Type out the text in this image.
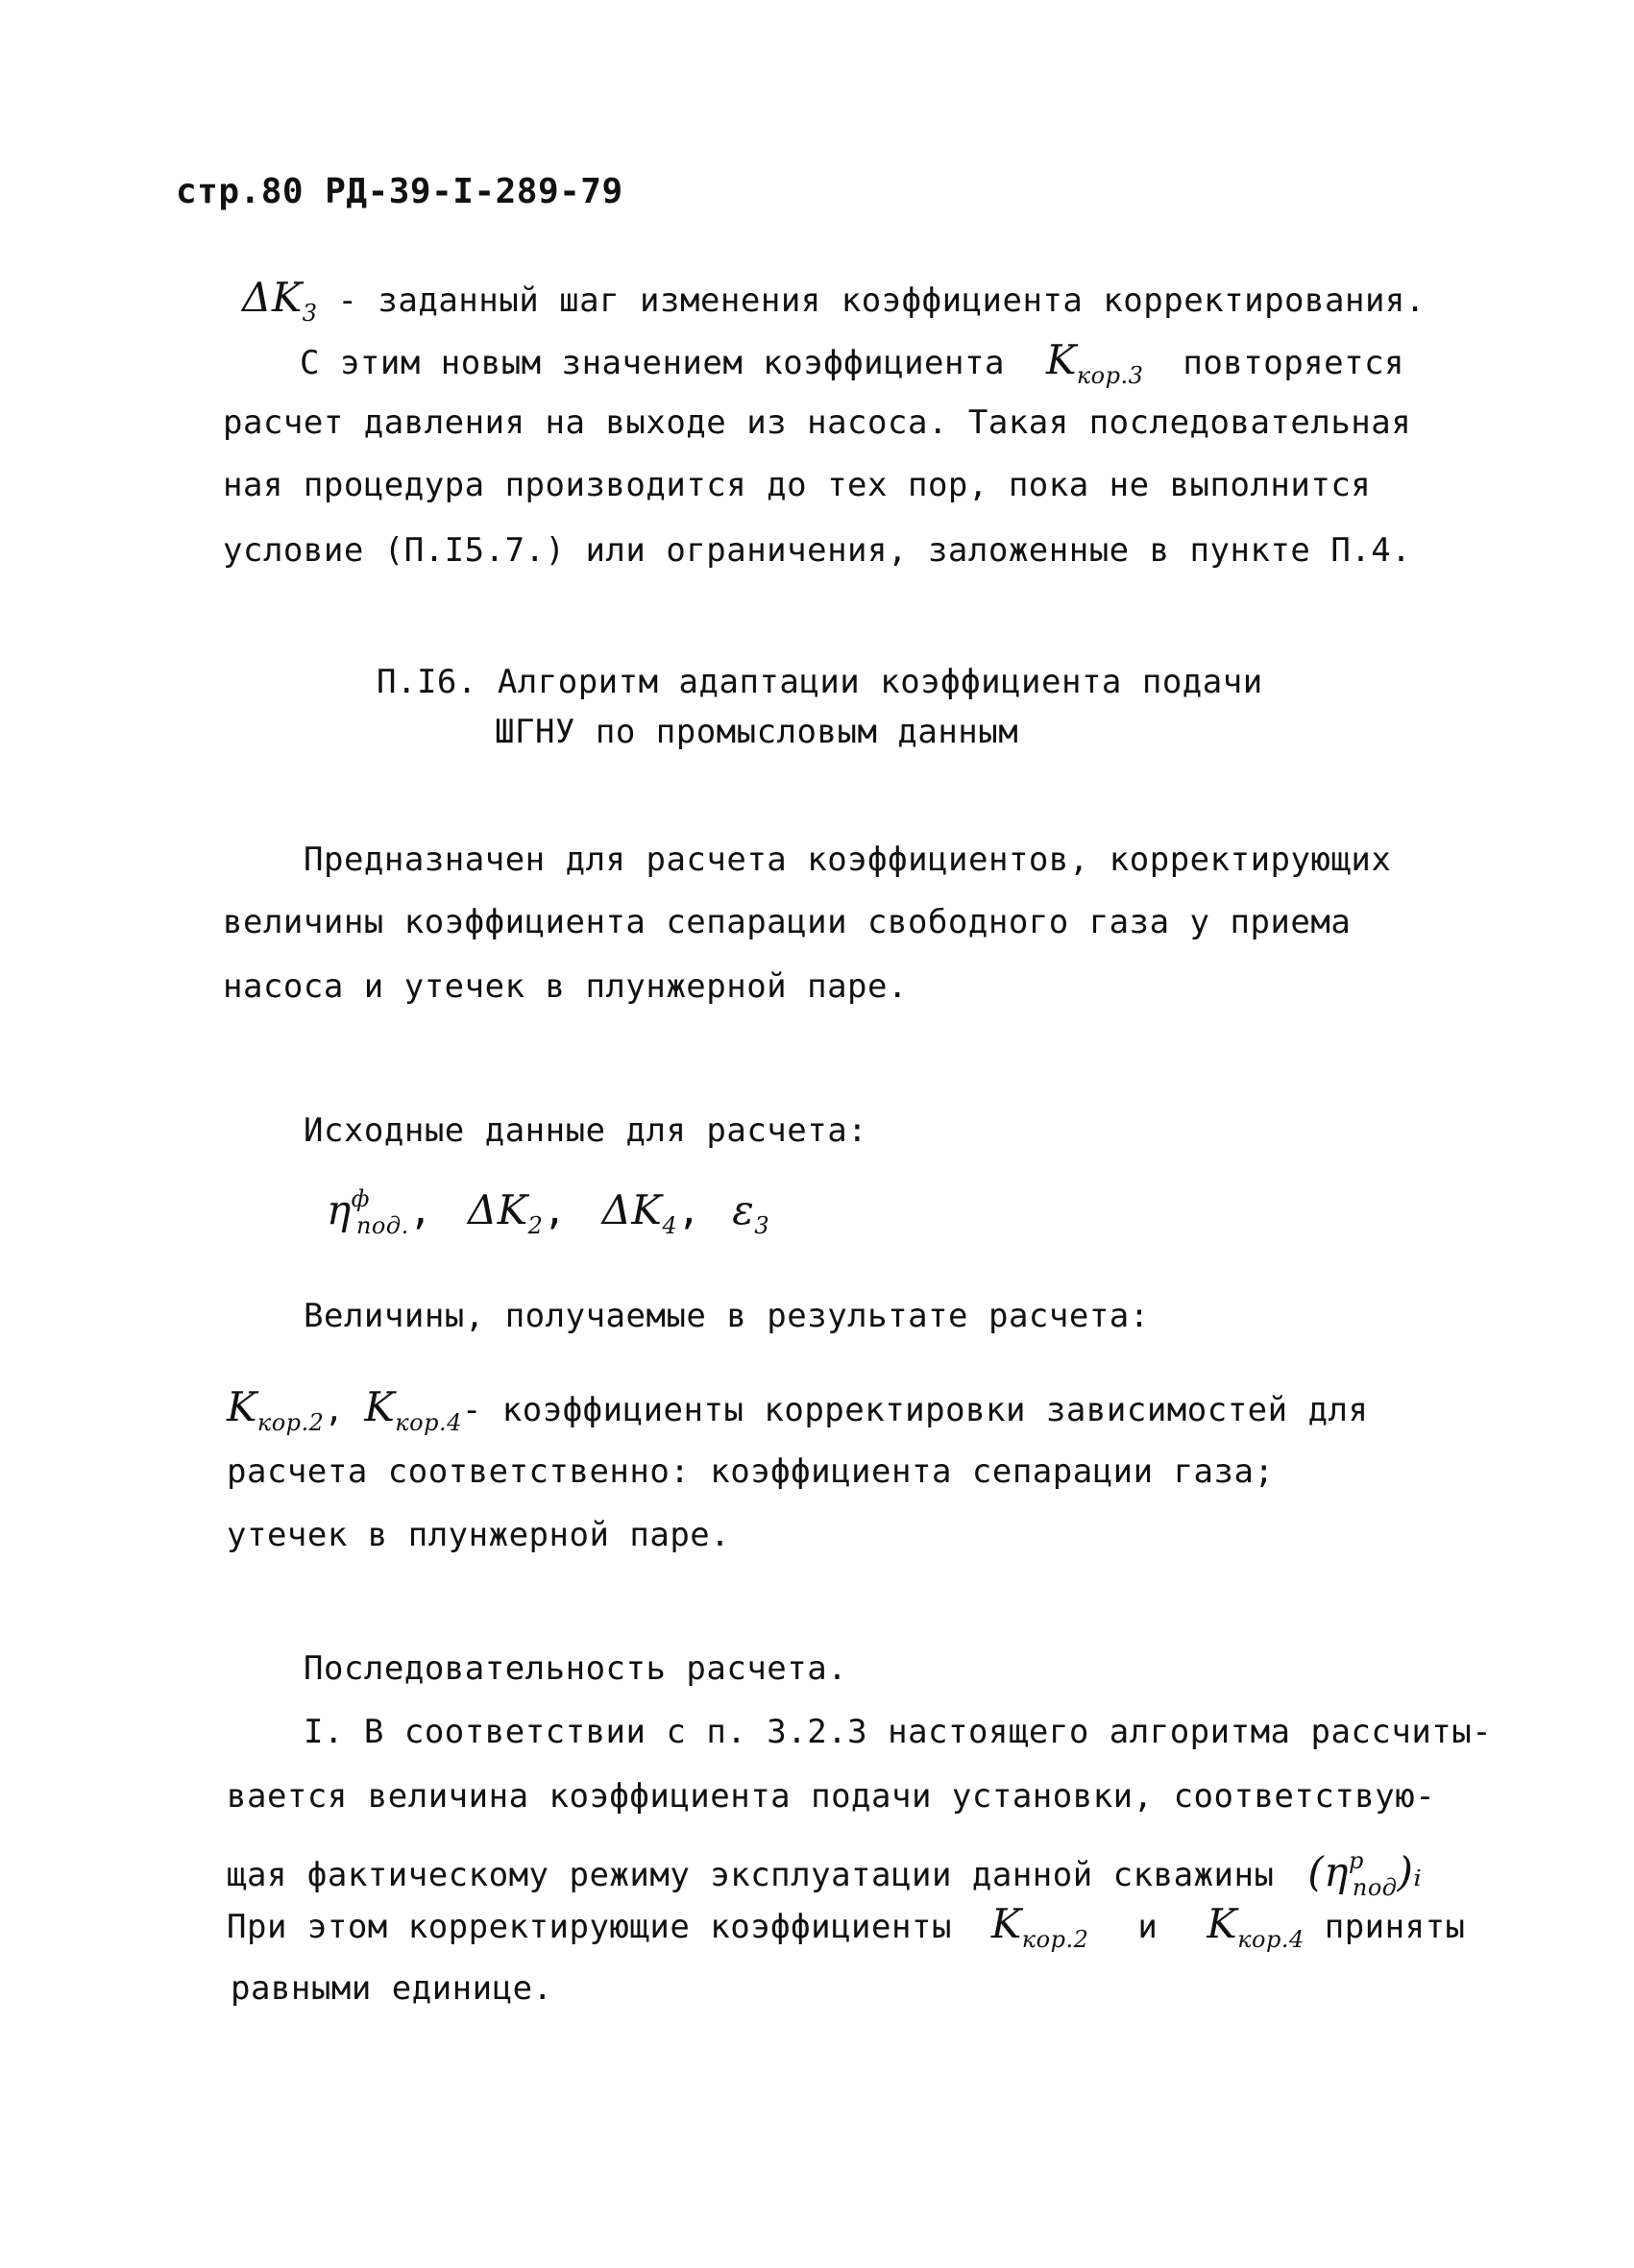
стр.80 РД-39-I-289-79
$\Delta K_3$ - заданный шаг изменения коэффициента корректирования.
С этим новым значением коэффициента $K_{кор.3}$ повторяется
расчет давления на выходе из насоса. Такая последовательная
ная процедура производится до тех пор, пока не выполнится
условие (П.I5.7.) или ограничения, заложенные в пункте П.4.
П.I6. Алгоритм адаптации коэффициента подачи
ШГНУ по промысловым данным
Предназначен для расчета коэффициентов, корректирующих
величины коэффициента сепарации свободного газа у приема
насоса и утечек в плунжерной паре.
Исходные данные для расчета:
$\eta^ф_{под.}$, $\Delta K_2$, $\Delta K_4$, $\varepsilon_3$
Величины, получаемые в результате расчета:
$K_{кор.2}$, $K_{кор.4}-$ коэффициенты корректировки зависимостей для
расчета соответственно: коэффициента сепарации газа;
утечек в плунжерной паре.
Последовательность расчета.
I. В соответствии с п. 3.2.3 настоящего алгоритма рассчиты-
вается величина коэффициента подачи установки, соответствую-
щая фактическому режиму эксплуатации данной скважины $(\eta^р_{под})ᵢ$
При этом корректирующие коэффициенты $K_{кор.2}$ и $K_{кор.4}$ приняты
равными единице.
